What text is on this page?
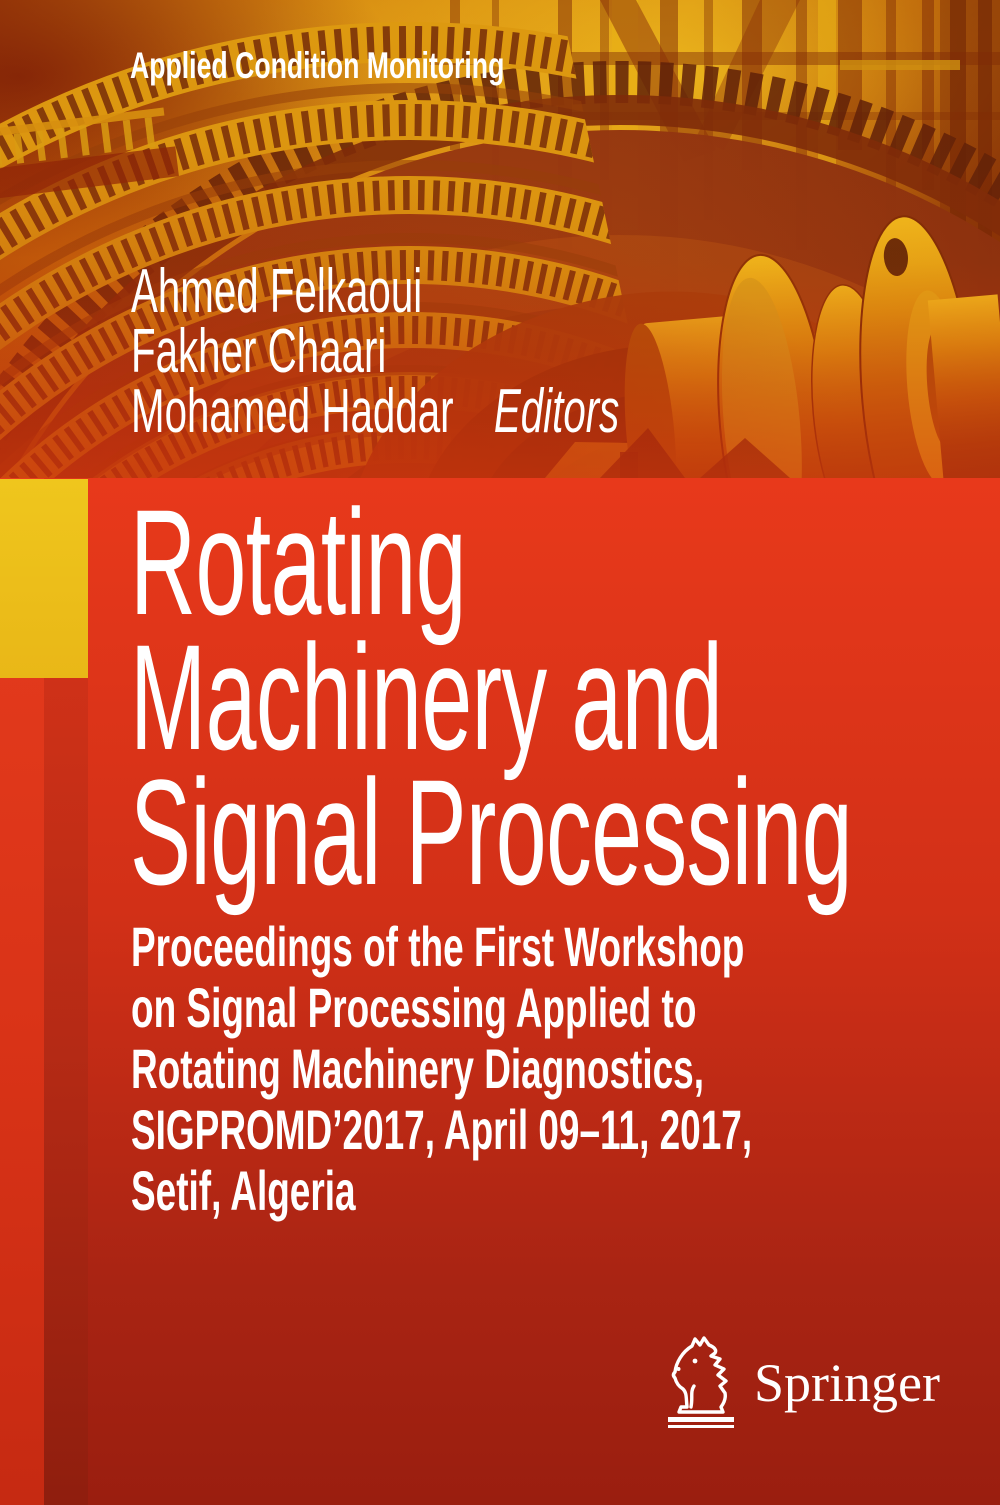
Applied Condition Monitoring
Ahmed Felkaoui
Fakher Chaari
Mohamed Haddar Editors
Rotating
Machinery and
Signal Processing
Proceedings of the First Workshop
on Signal Processing Applied to
Rotating Machinery Diagnostics,
SIGPROMD’2017, April 09–11, 2017,
Setif, Algeria
Springer
